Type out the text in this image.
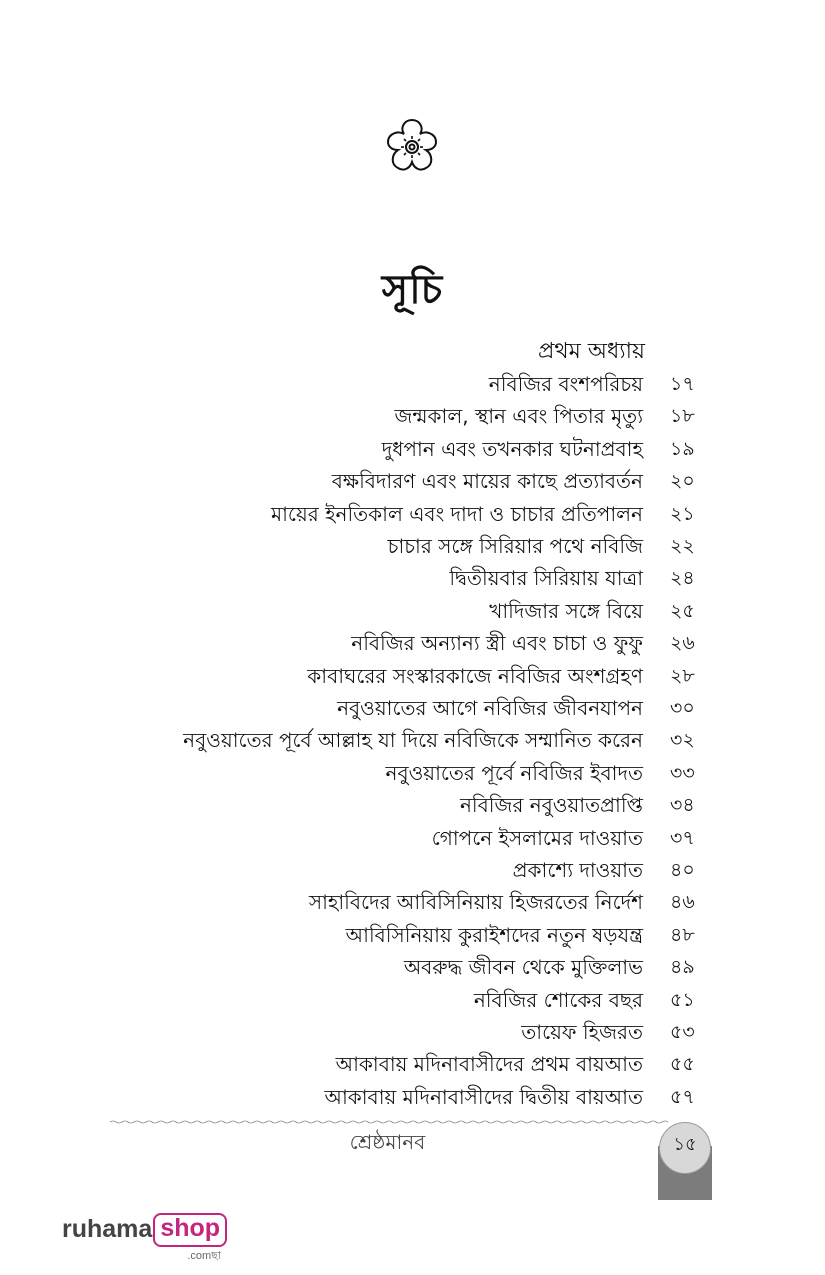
সূচি
প্রথম অধ্যায়
নবিজির বংশপরিচয় ১৭
জন্মকাল, স্থান এবং পিতার মৃত্যু ১৮
দুধপান এবং তখনকার ঘটনাপ্রবাহ ১৯
বক্ষবিদারণ এবং মায়ের কাছে প্রত্যাবর্তন ২০
মায়ের ইনতিকাল এবং দাদা ও চাচার প্রতিপালন ২১
চাচার সঙ্গে সিরিয়ার পথে নবিজি ২২
দ্বিতীয়বার সিরিয়ায় যাত্রা ২৪
খাদিজার সঙ্গে বিয়ে ২৫
নবিজির অন্যান্য স্ত্রী এবং চাচা ও ফুফু ২৬
কাবাঘরের সংস্কারকাজে নবিজির অংশগ্রহণ ২৮
নবুওয়াতের আগে নবিজির জীবনযাপন ৩০
নবুওয়াতের পূর্বে আল্লাহ যা দিয়ে নবিজিকে সম্মানিত করেন ৩২
নবুওয়াতের পূর্বে নবিজির ইবাদত ৩৩
নবিজির নবুওয়াতপ্রাপ্তি ৩৪
গোপনে ইসলামের দাওয়াত ৩৭
প্রকাশ্যে দাওয়াত ৪০
সাহাবিদের আবিসিনিয়ায় হিজরতের নির্দেশ ৪৬
আবিসিনিয়ায় কুরাইশদের নতুন ষড়যন্ত্র ৪৮
অবরুদ্ধ জীবন থেকে মুক্তিলাভ ৪৯
নবিজির শোকের বছর ৫১
তায়েফ হিজরত ৫৩
আকাবায় মদিনাবাসীদের প্রথম বায়আত ৫৫
আকাবায় মদিনাবাসীদের দ্বিতীয় বায়আত ৫৭
শ্রেষ্ঠমানব	১৫
ruhama shop
.comছা
